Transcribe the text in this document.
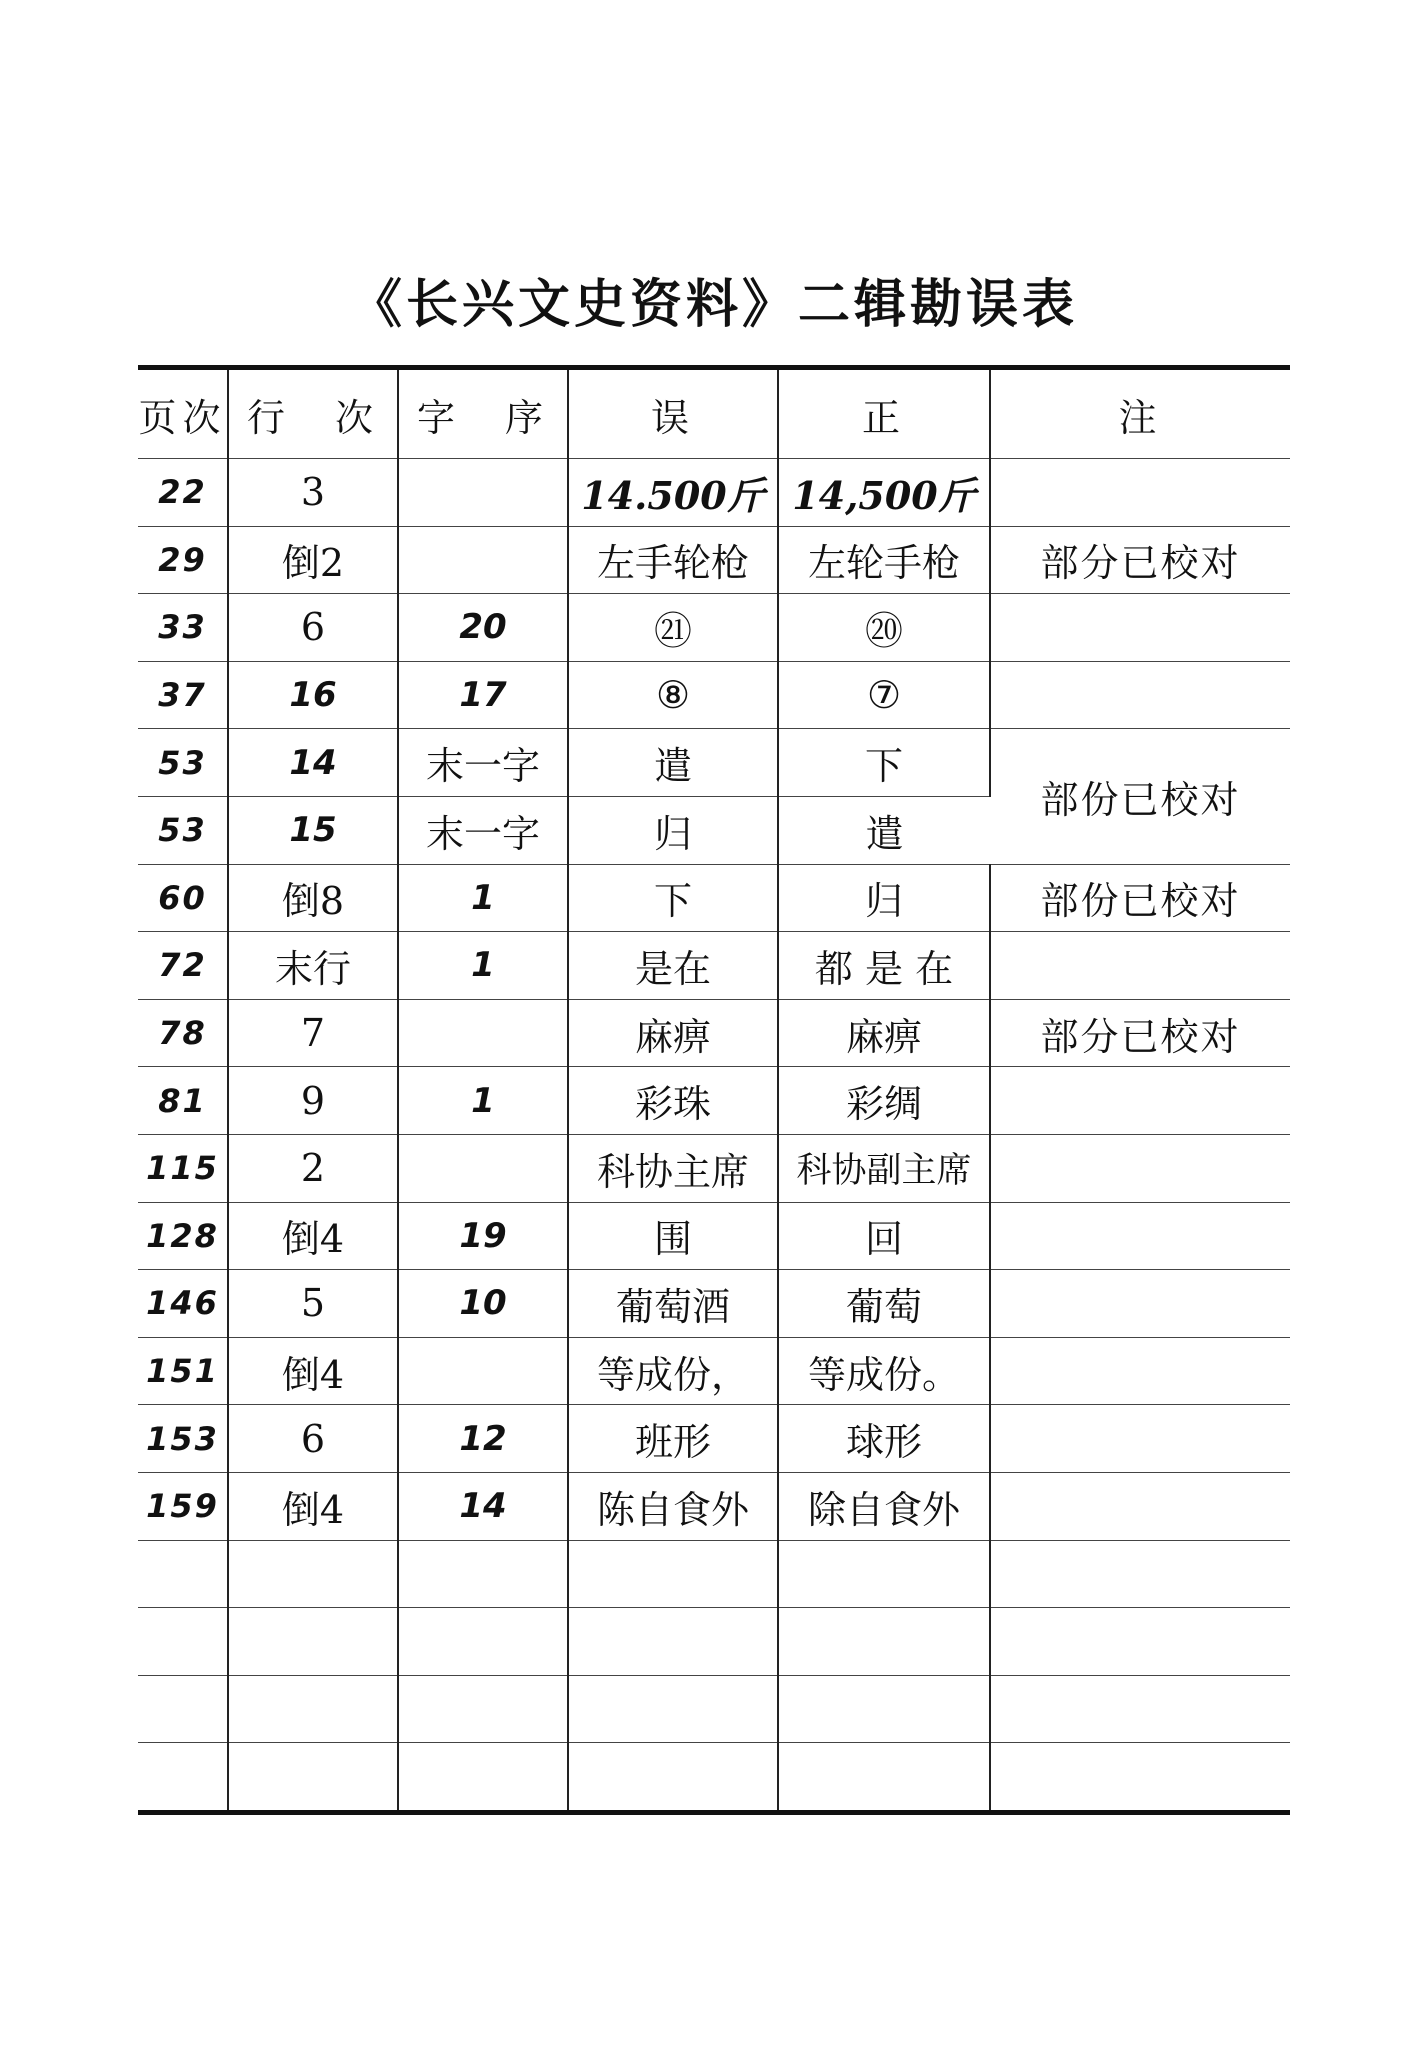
《长兴文史资料》二辑勘误表
页次	行　次	字　序	误	正	注
22	3		14.500斤	14,500斤	
29	倒2		左手轮枪	左轮手枪	部分已校对
33	6	20	㉑	⑳	
37	16	17	⑧	⑦	
53	14	末一字	遣	下	部份已校对
53	15	末一字	归	遣	
60	倒8	1	下	归	部份已校对
72	末行	1	是在	都 是 在	
78	7		麻痹	麻痹	部分已校对
81	9	1	彩珠	彩绸	
115	2		科协主席	科协副主席	
128	倒4	19	围	回	
146	5	10	葡萄酒	葡萄	
151	倒4		等成份，	等成份。	
153	6	12	班形	球形	
159	倒4	14	陈自食外	除自食外	
